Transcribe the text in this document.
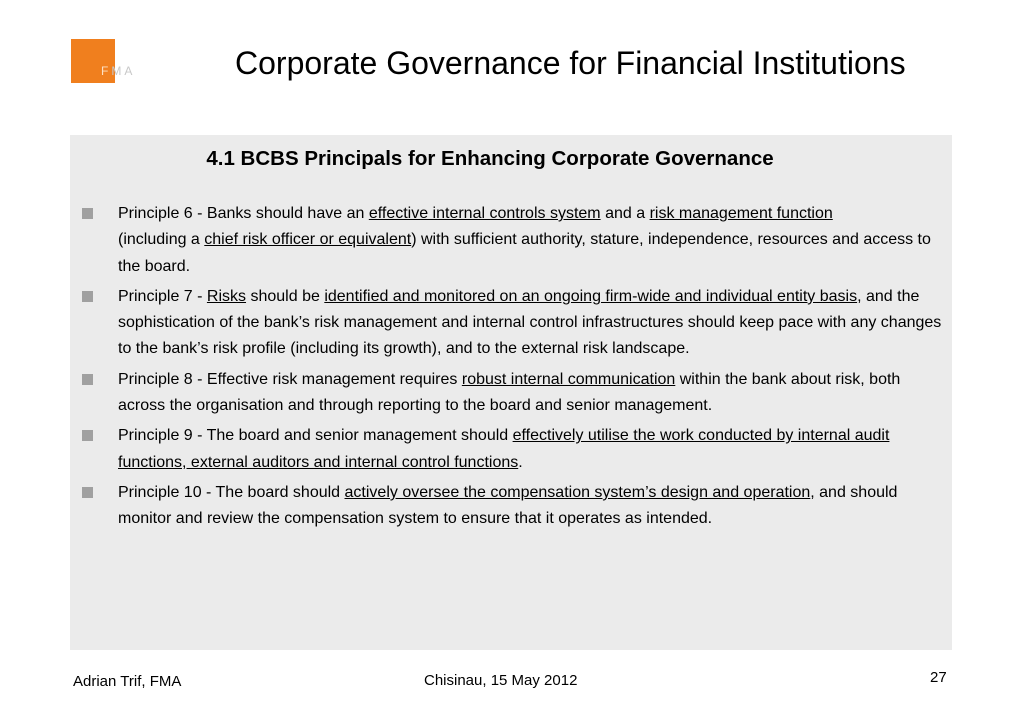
FMA	Corporate Governance for Financial Institutions
4.1 BCBS Principals for Enhancing Corporate Governance
Principle 6 - Banks should have an effective internal controls system and a risk management function
(including a chief risk officer or equivalent) with sufficient authority, stature, independence, resources and access to the board.
Principle 7 - Risks should be identified and monitored on an ongoing firm-wide and individual entity basis, and the sophistication of the bank’s risk management and internal control infrastructures should keep pace with any changes to the bank’s risk profile (including its growth), and to the external risk landscape.
Principle 8 - Effective risk management requires robust internal communication within the bank about risk, both across the organisation and through reporting to the board and senior management.
Principle 9 - The board and senior management should effectively utilise the work conducted by internal audit functions, external auditors and internal control functions.
Principle 10 - The board should actively oversee the compensation system’s design and operation, and should monitor and review the compensation system to ensure that it operates as intended.
Adrian Trif, FMA	Chisinau, 15 May 2012	27
